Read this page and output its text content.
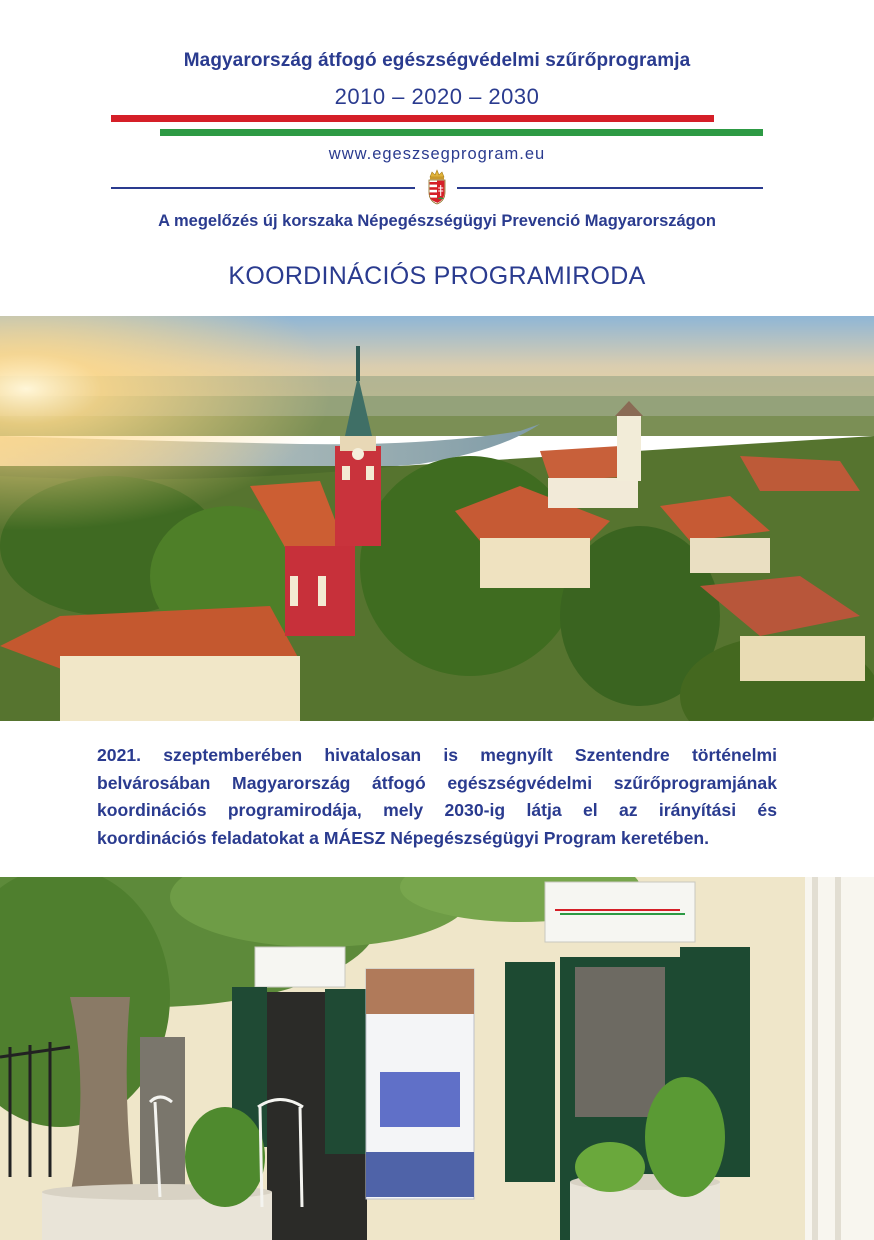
Magyarország átfogó egészségvédelmi szűrőprogramja
2010 – 2020 – 2030
www.egeszsegprogram.eu
A megelőzés új korszaka Népegészségügyi Prevenció Magyarországon
KOORDINÁCIÓS PROGRAMIRODA
2021. szeptemberében hivatalosan is megnyílt Szentendre történelmi
belvárosában Magyarország átfogó egészségvédelmi szűrőprogramjának
koordinációs programirodája, mely 2030-ig látja el az irányítási és
koordinációs feladatokat a MÁESZ Népegészségügyi Program keretében.
